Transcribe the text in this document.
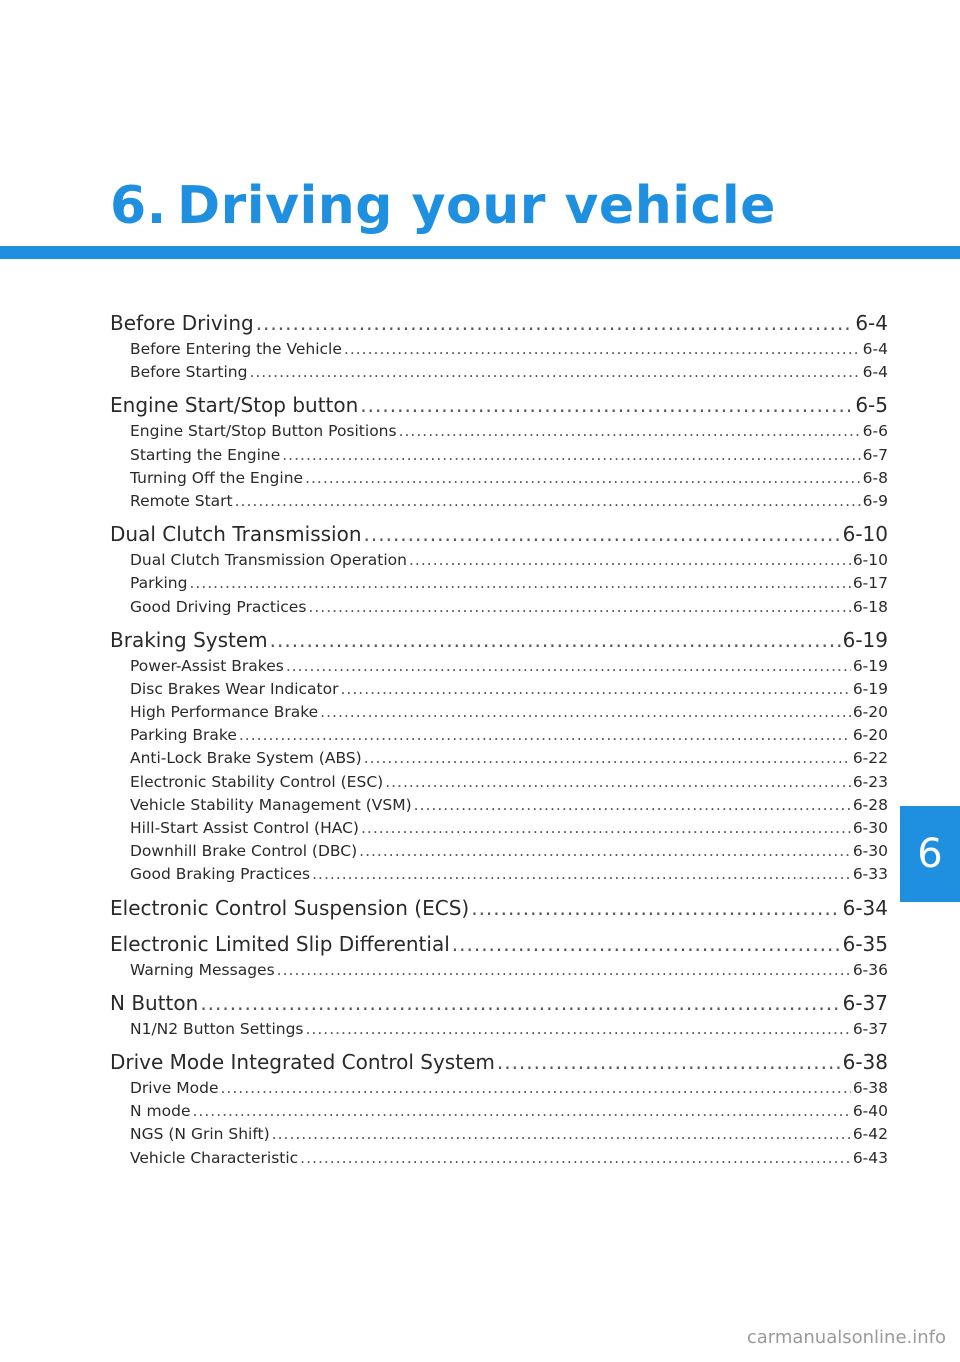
6. Driving your vehicle
Before Driving .....	6-4
Before Entering the Vehicle .....	6-4
Before Starting .....	6-4
Engine Start/Stop button .....	6-5
Engine Start/Stop Button Positions .....	6-6
Starting the Engine .....	6-7
Turning Off the Engine .....	6-8
Remote Start .....	6-9
Dual Clutch Transmission .....	6-10
Dual Clutch Transmission Operation .....	6-10
Parking .....	6-17
Good Driving Practices .....	6-18
Braking System .....	6-19
Power-Assist Brakes .....	6-19
Disc Brakes Wear Indicator .....	6-19
High Performance Brake .....	6-20
Parking Brake .....	6-20
Anti-Lock Brake System (ABS) .....	6-22
Electronic Stability Control (ESC) .....	6-23
Vehicle Stability Management (VSM) .....	6-28
Hill-Start Assist Control (HAC) .....	6-30
Downhill Brake Control (DBC) .....	6-30
Good Braking Practices .....	6-33
Electronic Control Suspension (ECS) .....	6-34
Electronic Limited Slip Differential .....	6-35
Warning Messages .....	6-36
N Button .....	6-37
N1/N2 Button Settings .....	6-37
Drive Mode Integrated Control System .....	6-38
Drive Mode .....	6-38
N mode .....	6-40
NGS (N Grin Shift) .....	6-42
Vehicle Characteristic .....	6-43
6
carmanualsonline.info
